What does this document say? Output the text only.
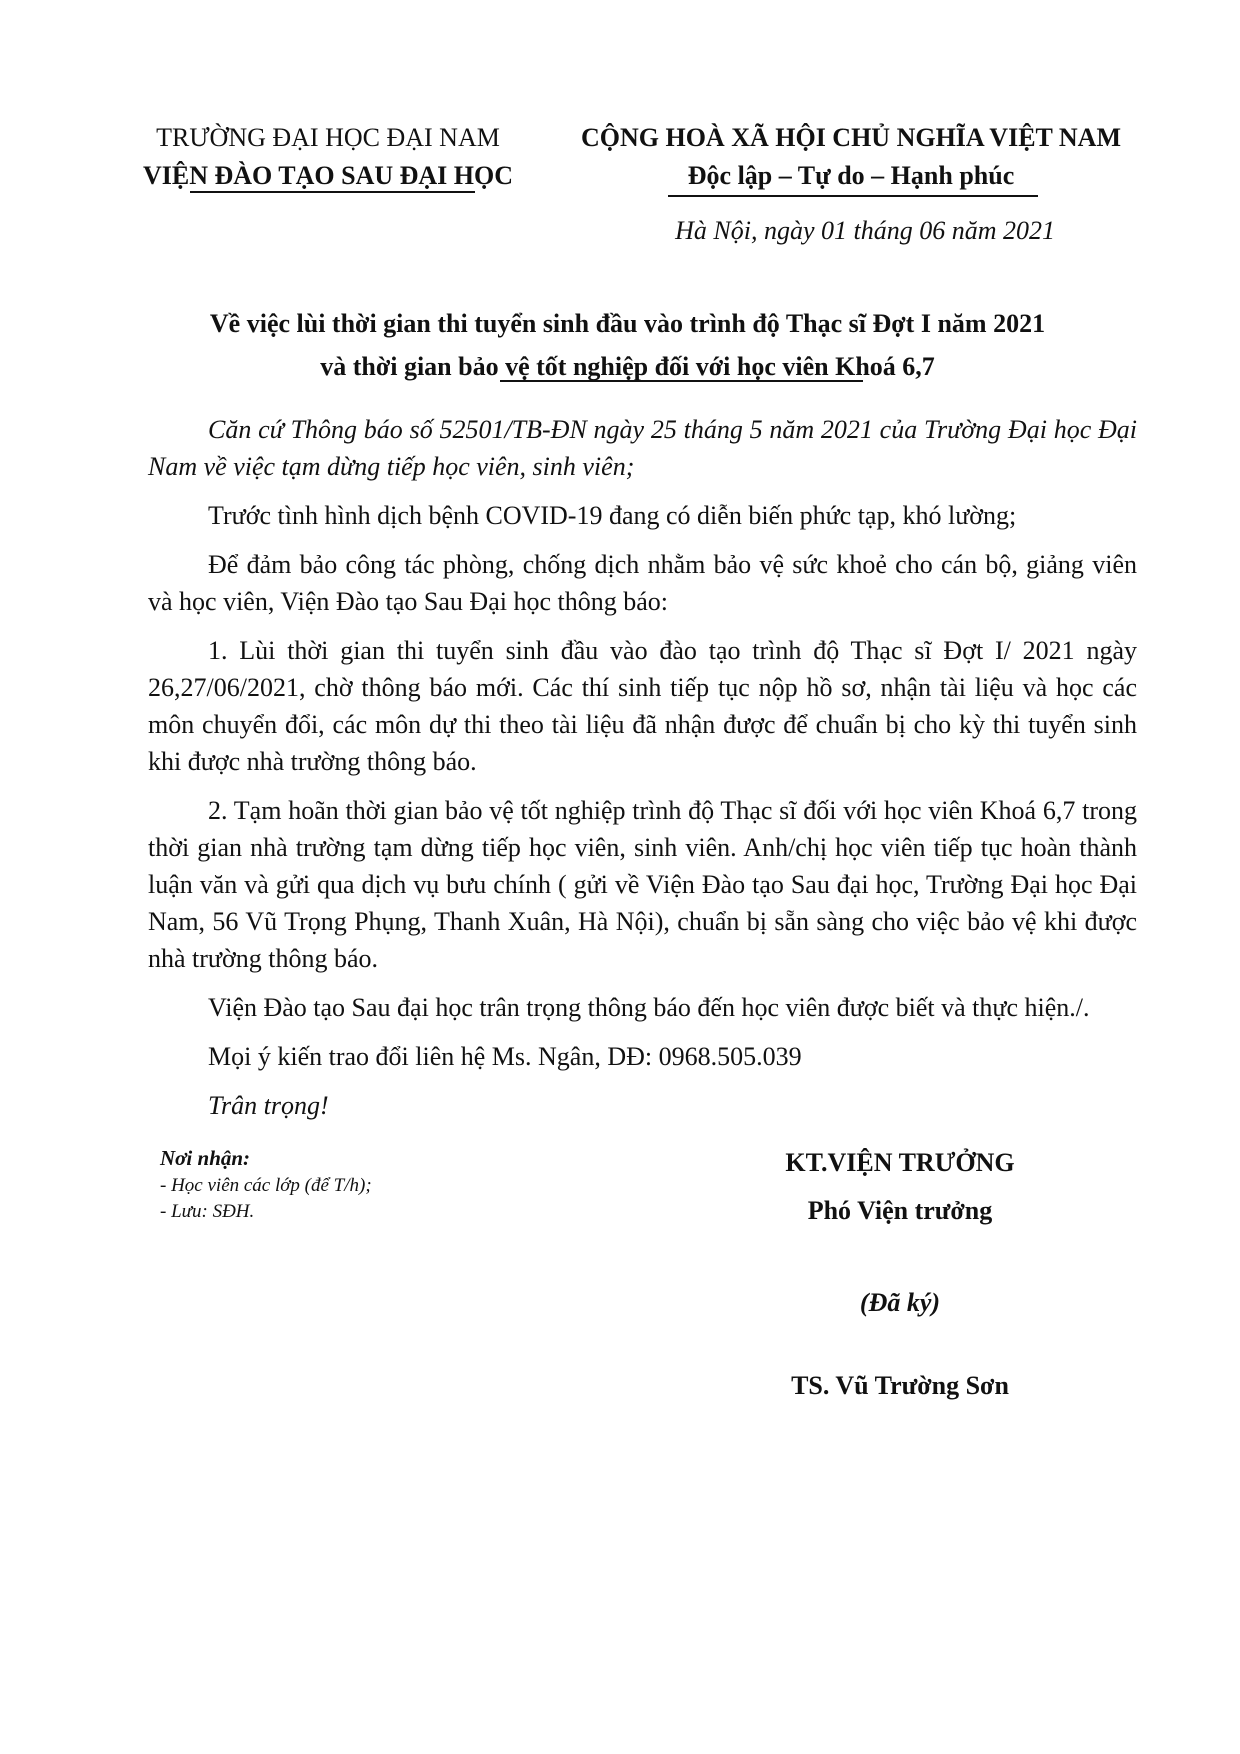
TRƯỜNG ĐẠI HỌC ĐẠI NAM
VIỆN ĐÀO TẠO SAU ĐẠI HỌC
CỘNG HOÀ XÃ HỘI CHỦ NGHĨA VIỆT NAM
Độc lập – Tự do – Hạnh phúc
Hà Nội, ngày 01 tháng 06 năm 2021
Về việc lùi thời gian thi tuyển sinh đầu vào trình độ Thạc sĩ Đợt I năm 2021
và thời gian bảo vệ tốt nghiệp đối với học viên Khoá 6,7

Căn cứ Thông báo số 52501/TB-ĐN ngày 25 tháng 5 năm 2021 của Trường Đại học Đại Nam về việc tạm dừng tiếp học viên, sinh viên;

Trước tình hình dịch bệnh COVID-19 đang có diễn biến phức tạp, khó lường;

Để đảm bảo công tác phòng, chống dịch nhằm bảo vệ sức khoẻ cho cán bộ, giảng viên và học viên, Viện Đào tạo Sau Đại học thông báo:

1. Lùi thời gian thi tuyển sinh đầu vào đào tạo trình độ Thạc sĩ Đợt I/ 2021 ngày 26,27/06/2021, chờ thông báo mới. Các thí sinh tiếp tục nộp hồ sơ, nhận tài liệu và học các môn chuyển đổi, các môn dự thi theo tài liệu đã nhận được để chuẩn bị cho kỳ thi tuyển sinh khi được nhà trường thông báo.

2. Tạm hoãn thời gian bảo vệ tốt nghiệp trình độ Thạc sĩ đối với học viên Khoá 6,7 trong thời gian nhà trường tạm dừng tiếp học viên, sinh viên. Anh/chị học viên tiếp tục hoàn thành luận văn và gửi qua dịch vụ bưu chính ( gửi về Viện Đào tạo Sau đại học, Trường Đại học Đại Nam, 56 Vũ Trọng Phụng, Thanh Xuân, Hà Nội), chuẩn bị sẵn sàng cho việc bảo vệ khi được nhà trường thông báo.

Viện Đào tạo Sau đại học trân trọng thông báo đến học viên được biết và thực hiện./.

Mọi ý kiến trao đổi liên hệ Ms. Ngân, DĐ: 0968.505.039

Trân trọng!

Nơi nhận:
- Học viên các lớp (để T/h);
- Lưu: SĐH.
KT.VIỆN TRƯỞNG
Phó Viện trưởng
(Đã ký)
TS. Vũ Trường Sơn
